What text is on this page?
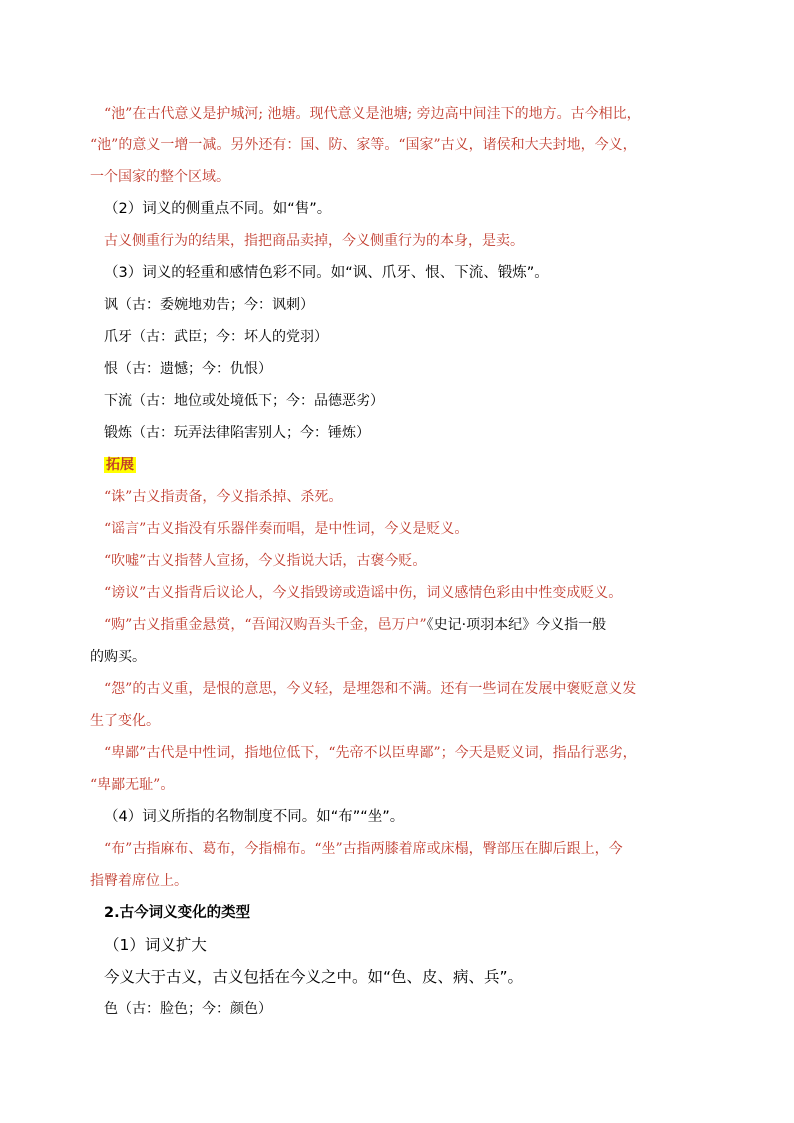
“池”在古代意义是护城河; 池塘。现代意义是池塘; 旁边高中间洼下的地方。古今相比，
“池”的意义一增一减。另外还有：国、防、家等。“国家”古义，诸侯和大夫封地，今义，
一个国家的整个区域。
（2）词义的侧重点不同。如“售”。
古义侧重行为的结果，指把商品卖掉，今义侧重行为的本身，是卖。
（3）词义的轻重和感情色彩不同。如“讽、爪牙、恨、下流、锻炼”。
讽（古：委婉地劝告；今：讽刺）
爪牙（古：武臣；今：坏人的党羽）
恨（古：遗憾；今：仇恨）
下流（古：地位或处境低下；今：品德恶劣）
锻炼（古：玩弄法律陷害别人；今：锤炼）
拓展
“诛”古义指责备，今义指杀掉、杀死。
“谣言”古义指没有乐器伴奏而唱，是中性词，今义是贬义。
“吹嘘”古义指替人宣扬，今义指说大话，古褒今贬。
“谤议”古义指背后议论人，今义指毁谤或造谣中伤，词义感情色彩由中性变成贬义。
“购”古义指重金悬赏，“吾闻汉购吾头千金，邑万户”《史记·项羽本纪》今义指一般
的购买。
“怨”的古义重，是恨的意思，今义轻，是埋怨和不满。还有一些词在发展中褒贬意义发
生了变化。
“卑鄙”古代是中性词，指地位低下，“先帝不以臣卑鄙”；今天是贬义词，指品行恶劣，
“卑鄙无耻”。
（4）词义所指的名物制度不同。如“布”“坐”。
“布”古指麻布、葛布，今指棉布。“坐”古指两膝着席或床榻，臀部压在脚后跟上，今
指臀着席位上。
2.古今词义变化的类型
（1）词义扩大
今义大于古义，古义包括在今义之中。如“色、皮、病、兵”。
色（古：脸色；今：颜色）
